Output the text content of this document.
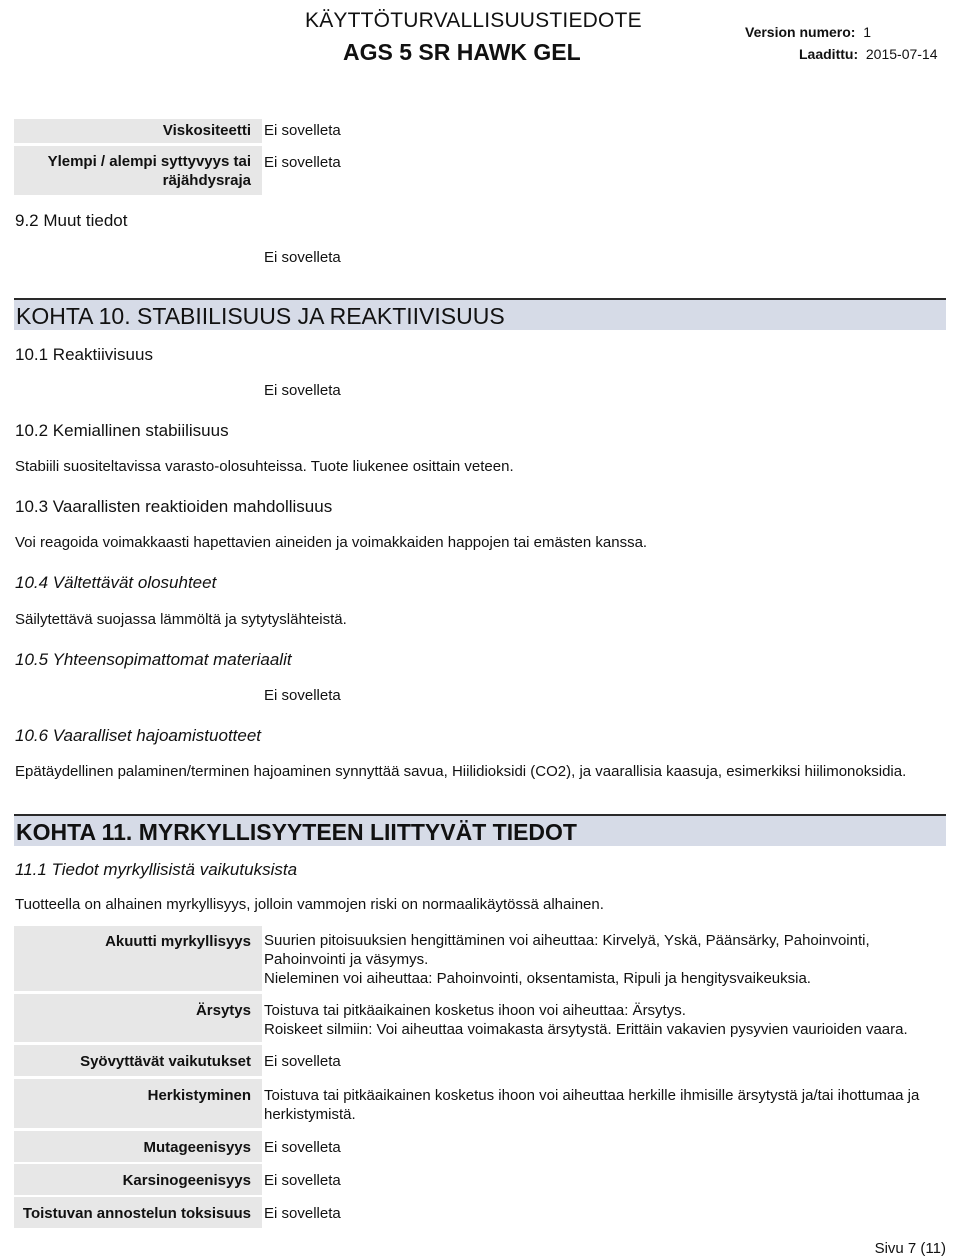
KÄYTTÖTURVALLISUUSTIEDOTE
AGS 5 SR HAWK GEL
Version numero: 1
Laadittu: 2015-07-14
Viskositeetti Ei sovelleta
Ylempi / alempi syttyvyys tai räjähdysraja
Ei sovelleta
9.2 Muut tiedot
Ei sovelleta
KOHTA 10. STABIILISUUS JA REAKTIIVISUUS
10.1 Reaktiivisuus
Ei sovelleta
10.2 Kemiallinen stabiilisuus
Stabiili suositeltavissa varasto-olosuhteissa. Tuote liukenee osittain veteen.
10.3 Vaarallisten reaktioiden mahdollisuus
Voi reagoida voimakkaasti hapettavien aineiden ja voimakkaiden happojen tai emästen kanssa.
10.4 Vältettävät olosuhteet
Säilytettävä suojassa lämmöltä ja sytytyslähteistä.
10.5 Yhteensopimattomat materiaalit
Ei sovelleta
10.6 Vaaralliset hajoamistuotteet
Epätäydellinen palaminen/terminen hajoaminen synnyttää savua, Hiilidioksidi (CO2), ja vaarallisia kaasuja, esimerkiksi hiilimonoksidia.
KOHTA 11. MYRKYLLISYYTEEN LIITTYVÄT TIEDOT
11.1 Tiedot myrkyllisistä vaikutuksista
Tuotteella on alhainen myrkyllisyys, jolloin vammojen riski on normaalikäytössä alhainen.
Akuutti myrkyllisyys Suurien pitoisuuksien hengittäminen voi aiheuttaa: Kirvelyä, Yskä, Päänsärky, Pahoinvointi,
Pahoinvointi ja väsymys.
Nieleminen voi aiheuttaa: Pahoinvointi, oksentamista, Ripuli ja hengitysvaikeuksia.
Ärsytys Toistuva tai pitkäaikainen kosketus ihoon voi aiheuttaa: Ärsytys.
Roiskeet silmiin: Voi aiheuttaa voimakasta ärsytystä. Erittäin vakavien pysyvien vaurioiden vaara.
Syövyttävät vaikutukset Ei sovelleta
Herkistyminen Toistuva tai pitkäaikainen kosketus ihoon voi aiheuttaa herkille ihmisille ärsytystä ja/tai ihottumaa ja
herkistymistä.
Mutageenisyys Ei sovelleta
Karsinogeenisyys Ei sovelleta
Toistuvan annostelun toksisuus Ei sovelleta
Sivu 7 (11)
